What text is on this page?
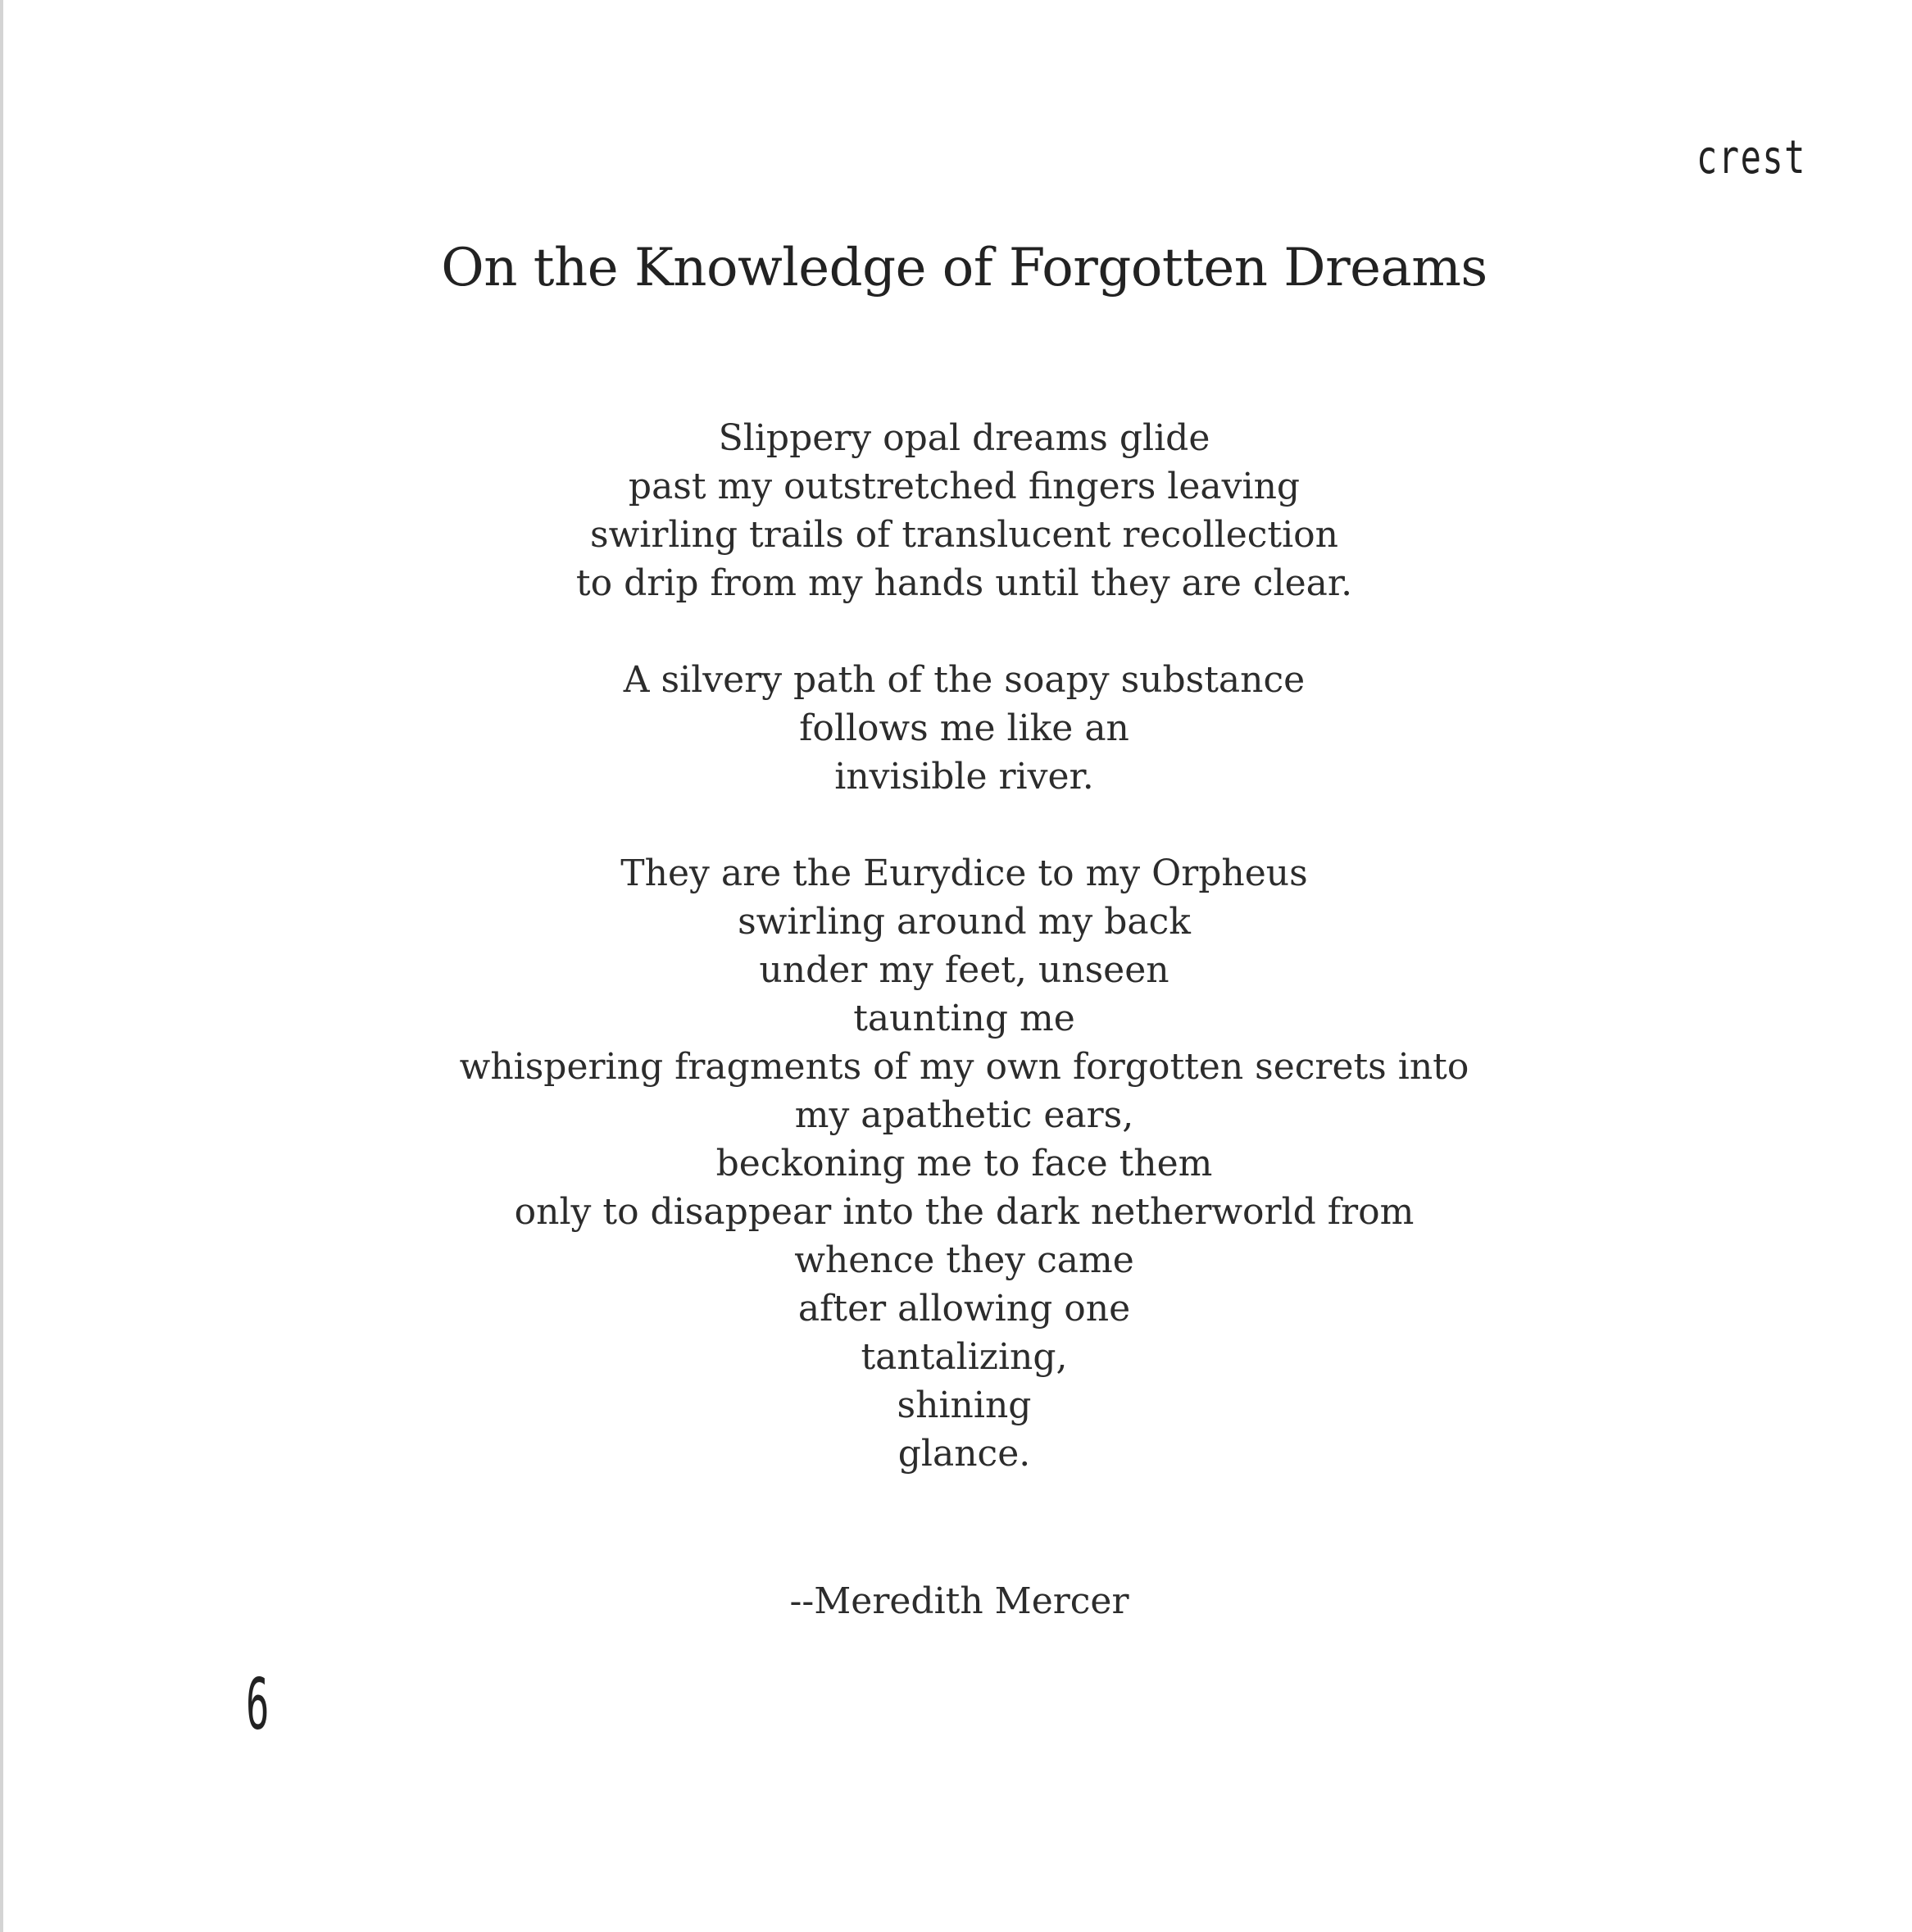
crest
On the Knowledge of Forgotten Dreams
Slippery opal dreams glide
past my outstretched fingers leaving
swirling trails of translucent recollection
to drip from my hands until they are clear.
A silvery path of the soapy substance
follows me like an
invisible river.
They are the Eurydice to my Orpheus
swirling around my back
under my feet, unseen
taunting me
whispering fragments of my own forgotten secrets into
my apathetic ears,
beckoning me to face them
only to disappear into the dark netherworld from
whence they came
after allowing one
tantalizing,
shining
glance.
--Meredith Mercer
6
